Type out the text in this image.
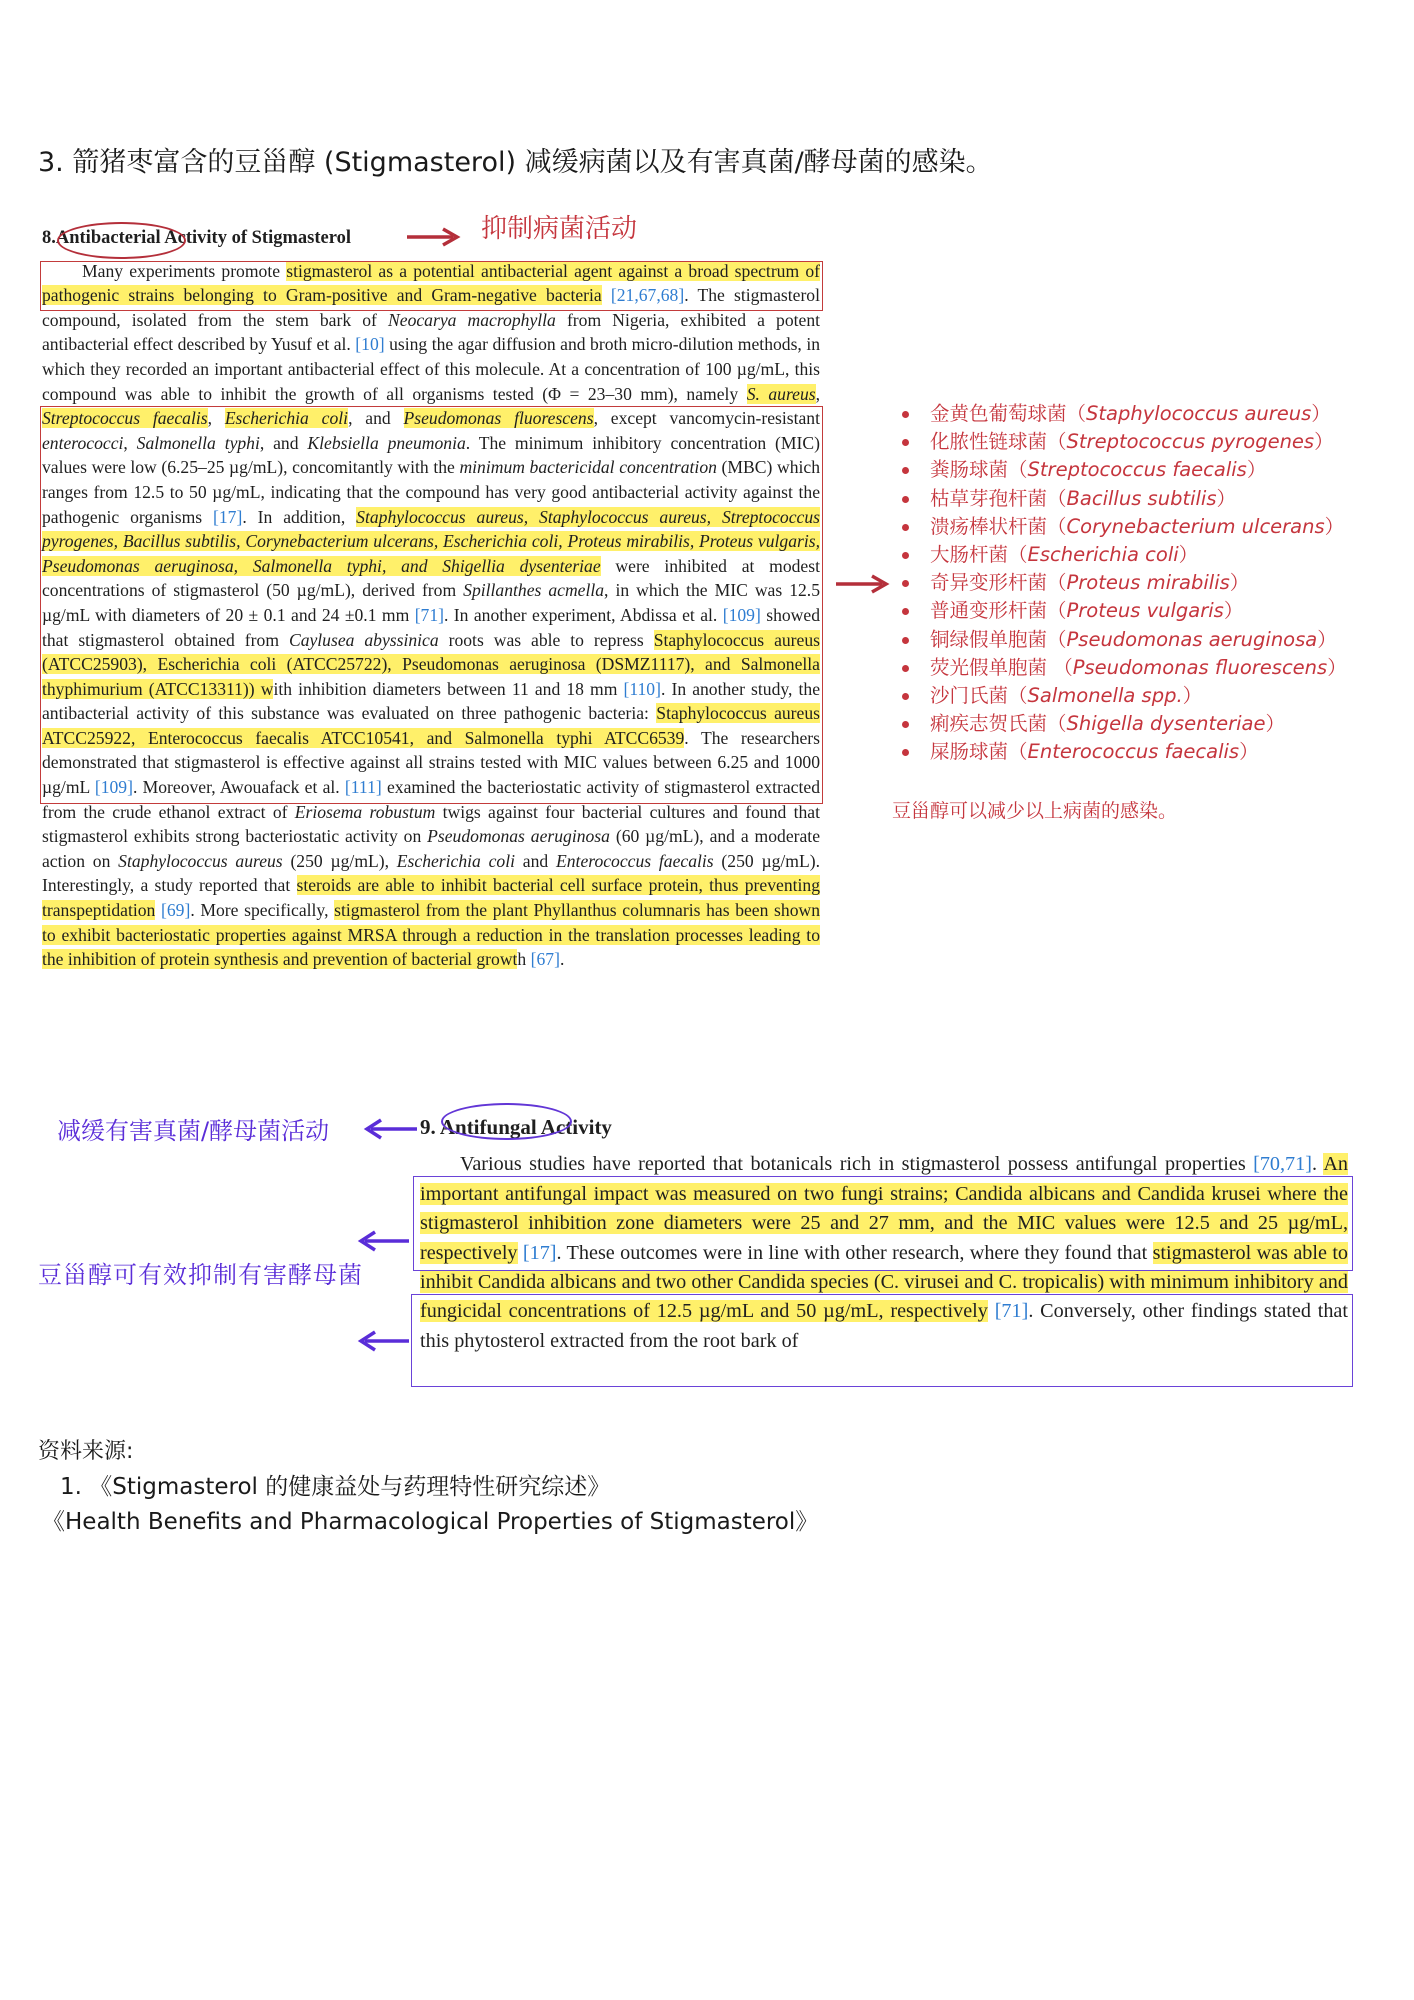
3. 箭猪枣富含的豆甾醇 (Stigmasterol) 减缓病菌以及有害真菌/酵母菌的感染。
8.Antibacterial Activity of Stigmasterol
Many experiments promote stigmasterol as a potential antibacterial agent against a broad spectrum of pathogenic strains belonging to Gram-positive and Gram-negative bacteria [21,67,68]. The stigmasterol compound, isolated from the stem bark of Neocarya macrophylla from Nigeria, exhibited a potent antibacterial effect described by Yusuf et al. [10] using the agar diffusion and broth micro-dilution methods, in which they recorded an important antibacterial effect of this molecule. At a concentration of 100 µg/mL, this compound was able to inhibit the growth of all organisms tested (Φ = 23–30 mm), namely S. aureus, Streptococcus faecalis, Escherichia coli, and Pseudomonas fluorescens, except vancomycin-resistant enterococci, Salmonella typhi, and Klebsiella pneumonia. The minimum inhibitory concentration (MIC) values were low (6.25–25 µg/mL), concomitantly with the minimum bactericidal concentration (MBC) which ranges from 12.5 to 50 µg/mL, indicating that the compound has very good antibacterial activity against the pathogenic organisms [17]. In addition, Staphylococcus aureus, Staphylococcus aureus, Streptococcus pyrogenes, Bacillus subtilis, Corynebacterium ulcerans, Escherichia coli, Proteus mirabilis, Proteus vulgaris, Pseudomonas aeruginosa, Salmonella typhi, and Shigellia dysenteriae were inhibited at modest concentrations of stigmasterol (50 µg/mL), derived from Spillanthes acmella, in which the MIC was 12.5 µg/mL with diameters of 20 ± 0.1 and 24 ±0.1 mm [71]. In another experiment, Abdissa et al. [109] showed that stigmasterol obtained from Caylusea abyssinica roots was able to repress Staphylococcus aureus (ATCC25903), Escherichia coli (ATCC25722), Pseudomonas aeruginosa (DSMZ1117), and Salmonella thyphimurium (ATCC13311)) with inhibition diameters between 11 and 18 mm [110]. In another study, the antibacterial activity of this substance was evaluated on three pathogenic bacteria: Staphylococcus aureus ATCC25922, Enterococcus faecalis ATCC10541, and Salmonella typhi ATCC6539. The researchers demonstrated that stigmasterol is effective against all strains tested with MIC values between 6.25 and 1000 µg/mL [109]. Moreover, Awouafack et al. [111] examined the bacteriostatic activity of stigmasterol extracted from the crude ethanol extract of Eriosema robustum twigs against four bacterial cultures and found that stigmasterol exhibits strong bacteriostatic activity on Pseudomonas aeruginosa (60 µg/mL), and a moderate action on Staphylococcus aureus (250 µg/mL), Escherichia coli and Enterococcus faecalis (250 µg/mL). Interestingly, a study reported that steroids are able to inhibit bacterial cell surface protein, thus preventing transpeptidation [69]. More specifically, stigmasterol from the plant Phyllanthus columnaris has been shown to exhibit bacteriostatic properties against MRSA through a reduction in the translation processes leading to the inhibition of protein synthesis and prevention of bacterial growth [67].
抑制病菌活动
金黄色葡萄球菌（Staphylococcus aureus）
化脓性链球菌（Streptococcus pyrogenes）
粪肠球菌（Streptococcus faecalis）
枯草芽孢杆菌（Bacillus subtilis）
溃疡棒状杆菌（Corynebacterium ulcerans）
大肠杆菌（Escherichia coli）
奇异变形杆菌（Proteus mirabilis）
普通变形杆菌（Proteus vulgaris）
铜绿假单胞菌（Pseudomonas aeruginosa）
荧光假单胞菌 （Pseudomonas fluorescens）
沙门氏菌（Salmonella spp.）
痢疾志贺氏菌（Shigella dysenteriae）
屎肠球菌（Enterococcus faecalis）
豆甾醇可以减少以上病菌的感染。
减缓有害真菌/酵母菌活动
豆甾醇可有效抑制有害酵母菌
9. Antifungal Activity
Various studies have reported that botanicals rich in stigmasterol possess antifungal properties [70,71]. An important antifungal impact was measured on two fungi strains; Candida albicans and Candida krusei where the stigmasterol inhibition zone diameters were 25 and 27 mm, and the MIC values were 12.5 and 25 µg/mL, respectively [17]. These outcomes were in line with other research, where they found that stigmasterol was able to inhibit Candida albicans and two other Candida species (C. virusei and C. tropicalis) with minimum inhibitory and fungicidal concentrations of 12.5 µg/mL and 50 µg/mL, respectively [71]. Conversely, other findings stated that this phytosterol extracted from the root bark of
资料来源:
1. 《Stigmasterol 的健康益处与药理特性研究综述》
《Health Benefits and Pharmacological Properties of Stigmasterol》
